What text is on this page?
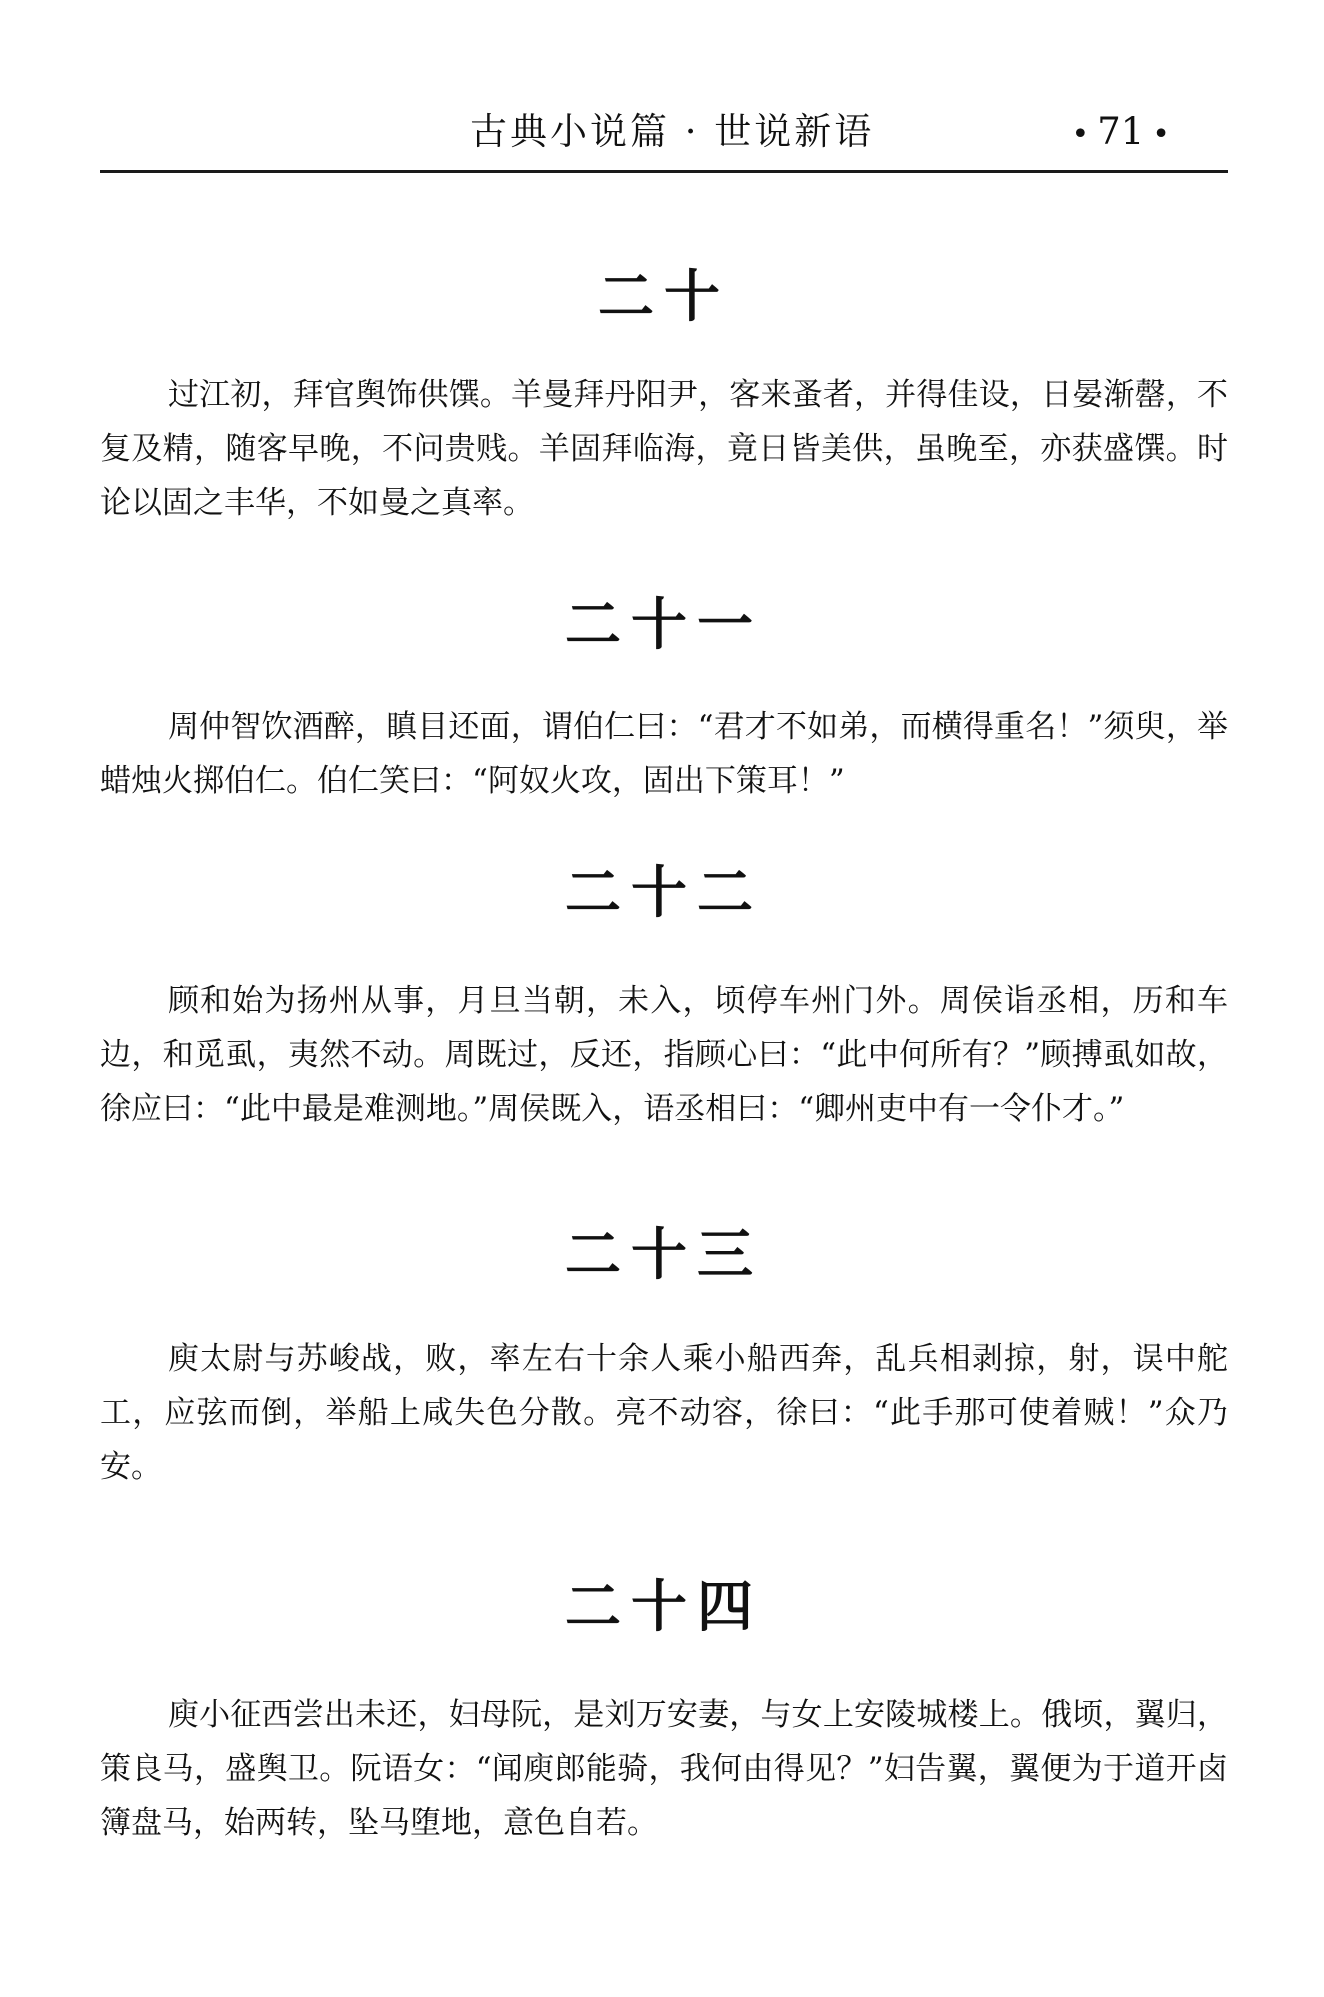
古典小说篇 · 世说新语	• 71 •
二十

过江初，拜官舆饰供馔。羊曼拜丹阳尹，客来蚤者，并得佳设，日晏渐罄，不复及精，随客早晚，不问贵贱。羊固拜临海，竟日皆美供，虽晚至，亦获盛馔。时论以固之丰华，不如曼之真率。

二十一

周仲智饮酒醉，瞋目还面，谓伯仁曰：“君才不如弟，而横得重名！”须臾，举蜡烛火掷伯仁。伯仁笑曰：“阿奴火攻，固出下策耳！”

二十二

顾和始为扬州从事，月旦当朝，未入，顷停车州门外。周侯诣丞相，历和车边，和觅虱，夷然不动。周既过，反还，指顾心曰：“此中何所有？”顾搏虱如故，徐应曰：“此中最是难测地。”周侯既入，语丞相曰：“卿州吏中有一令仆才。”

二十三

庾太尉与苏峻战，败，率左右十余人乘小船西奔，乱兵相剥掠，射，误中舵工，应弦而倒，举船上咸失色分散。亮不动容，徐曰：“此手那可使着贼！”众乃安。

二十四

庾小征西尝出未还，妇母阮，是刘万安妻，与女上安陵城楼上。俄顷，翼归，策良马，盛舆卫。阮语女：“闻庾郎能骑，我何由得见？”妇告翼，翼便为于道开卤簿盘马，始两转，坠马堕地，意色自若。
